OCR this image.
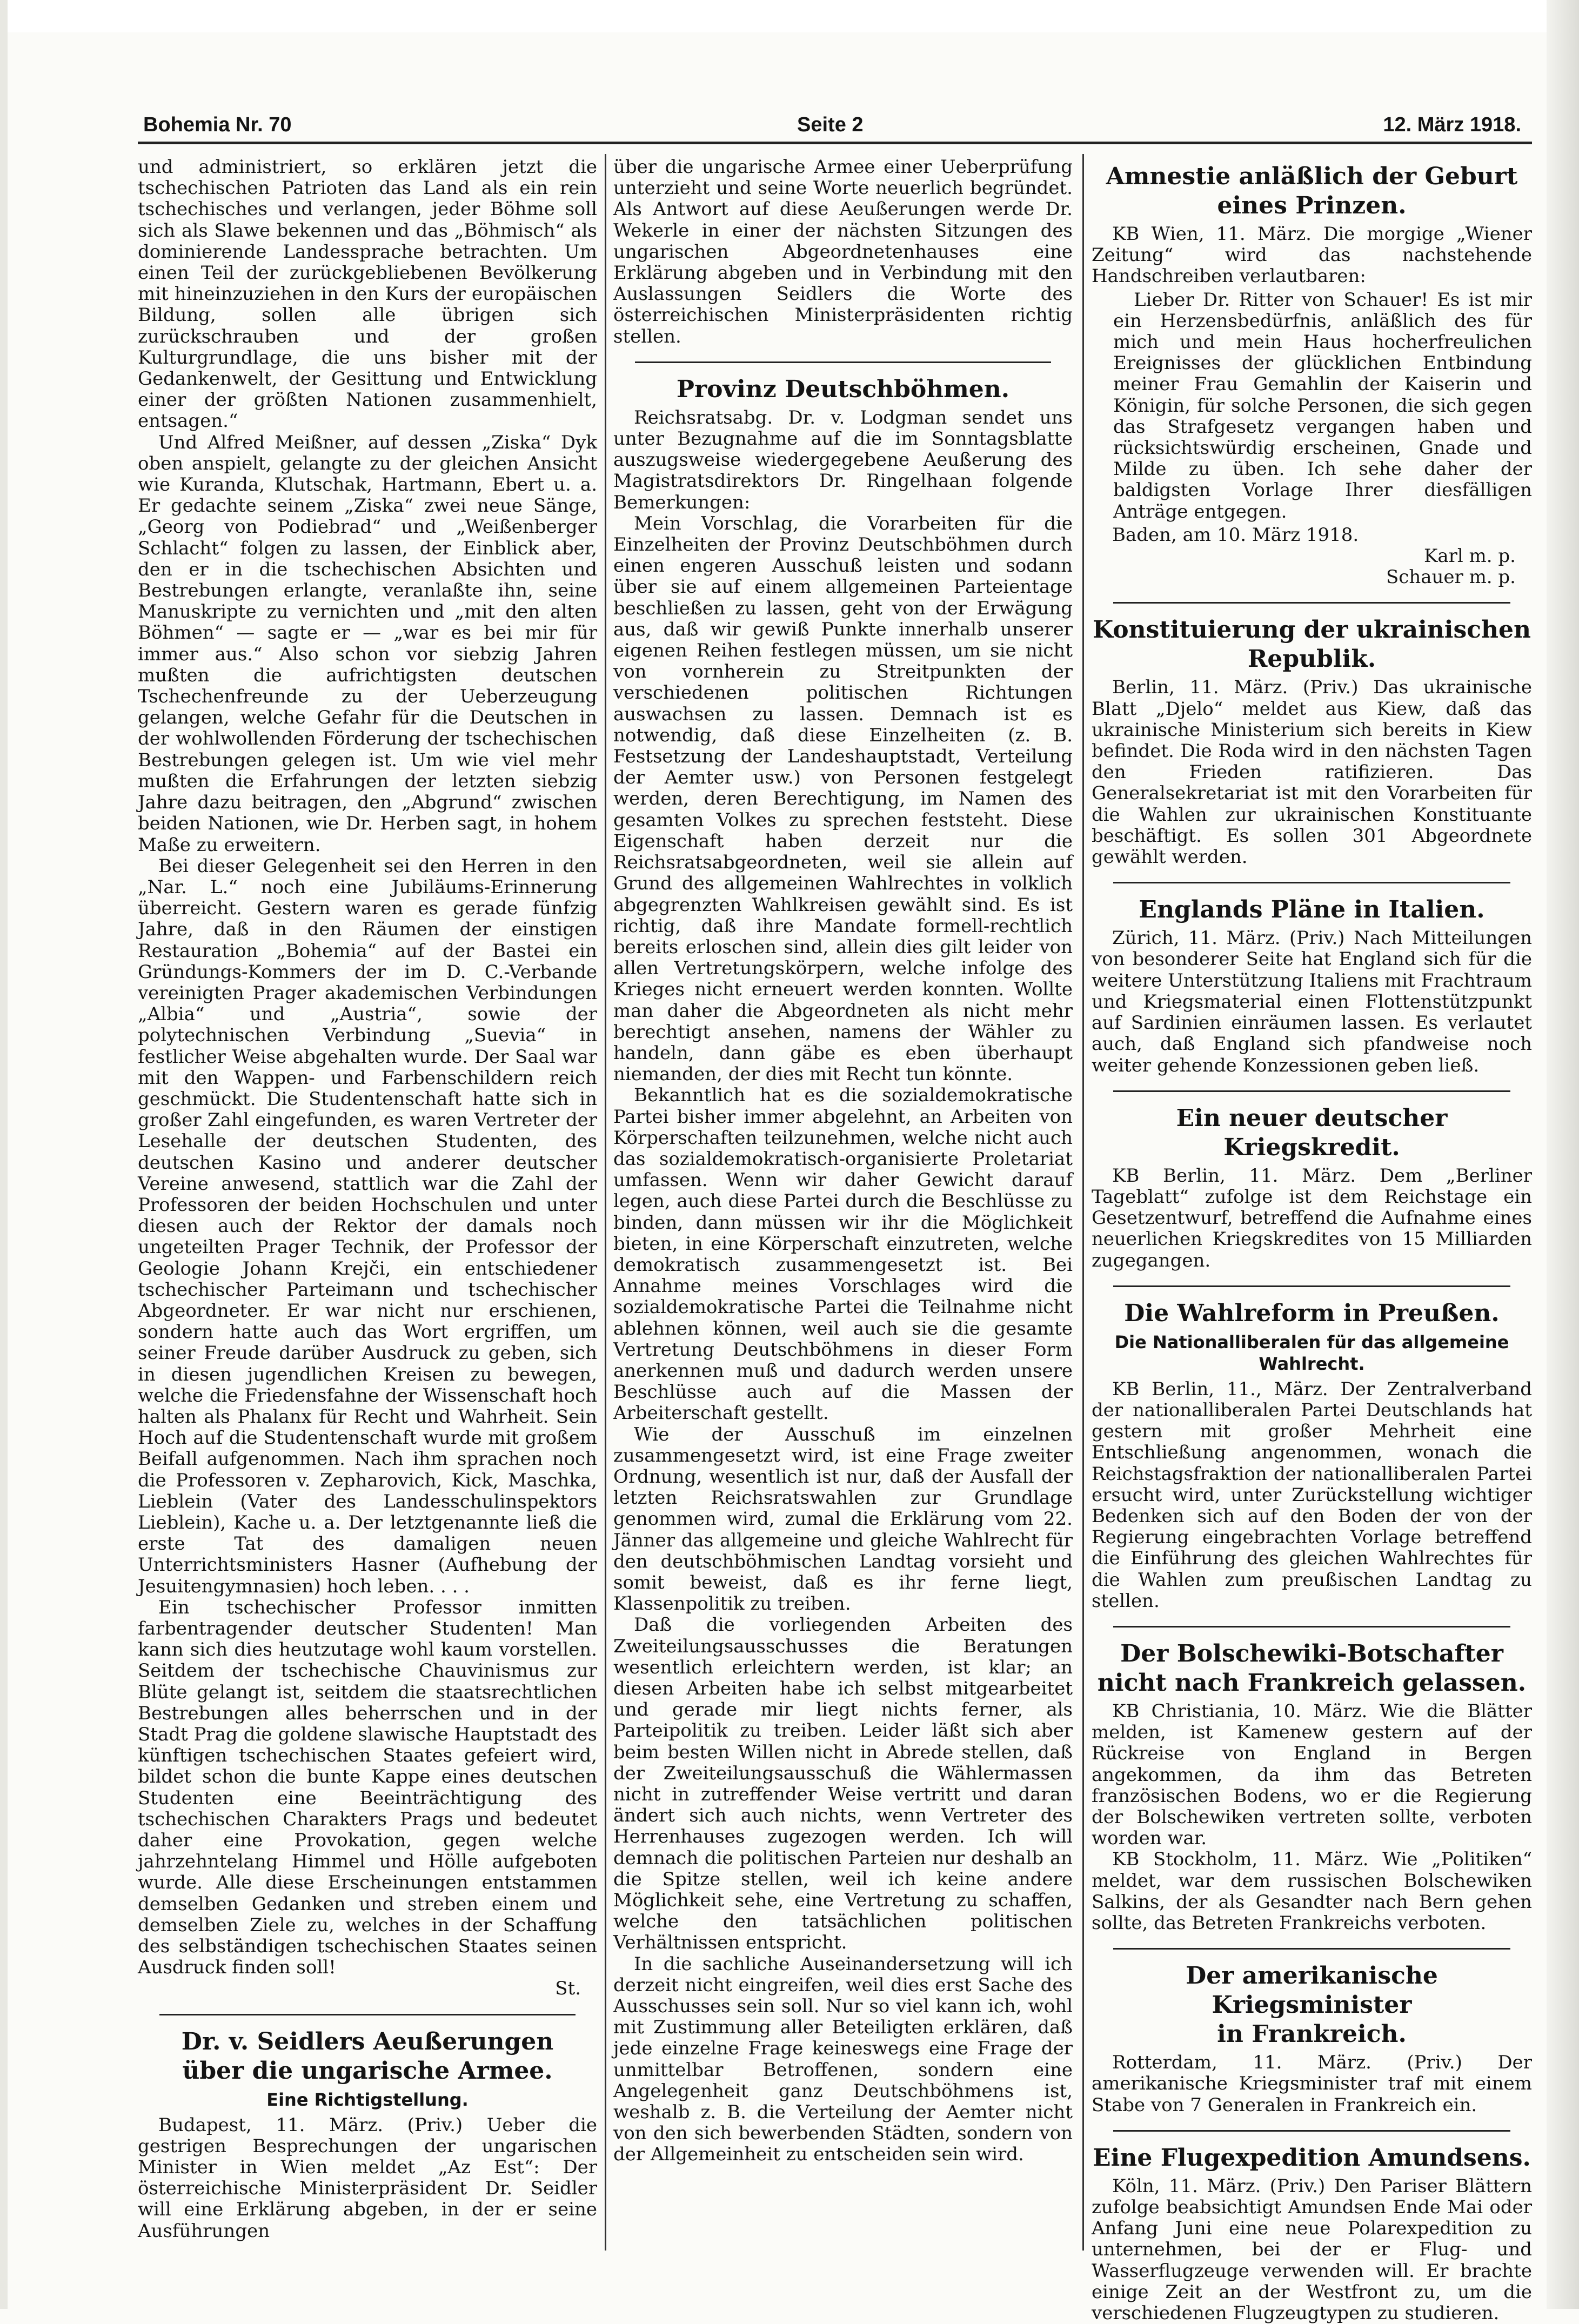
Bohemia Nr. 70	Seite 2	12. März 1918.

und administriert, so erklären jetzt die tschechischen Patrioten das Land als ein rein tschechisches und verlangen, jeder Böhme soll sich als Slawe bekennen und das „Böhmisch“ als dominierende Landessprache betrachten. Um einen Teil der zurückgebliebenen Bevölkerung mit hineinzuziehen in den Kurs der europäischen Bildung, sollen alle übrigen sich zurückschrauben und der großen Kulturgrundlage, die uns bisher mit der Gedankenwelt, der Gesittung und Entwicklung einer der größten Nationen zusammenhielt, entsagen.“

Und Alfred Meißner, auf dessen „Ziska“ Dyk oben anspielt, gelangte zu der gleichen Ansicht wie Kuranda, Klutschak, Hartmann, Ebert u. a. Er gedachte seinem „Ziska“ zwei neue Sänge, „Georg von Podiebrad“ und „Weißenberger Schlacht“ folgen zu lassen, der Einblick aber, den er in die tschechischen Absichten und Bestrebungen erlangte, veranlaßte ihn, seine Manuskripte zu vernichten und „mit den alten Böhmen“ — sagte er — „war es bei mir für immer aus.“ Also schon vor siebzig Jahren mußten die aufrichtigsten deutschen Tschechenfreunde zu der Ueberzeugung gelangen, welche Gefahr für die Deutschen in der wohlwollenden Förderung der tschechischen Bestrebungen gelegen ist. Um wie viel mehr mußten die Erfahrungen der letzten siebzig Jahre dazu beitragen, den „Abgrund“ zwischen beiden Nationen, wie Dr. Herben sagt, in hohem Maße zu erweitern.

Bei dieser Gelegenheit sei den Herren in den „Nar. L.“ noch eine Jubiläums-Erinnerung überreicht. Gestern waren es gerade fünfzig Jahre, daß in den Räumen der einstigen Restauration „Bohemia“ auf der Bastei ein Gründungs-Kommers der im D. C.-Verbande vereinigten Prager akademischen Verbindungen „Albia“ und „Austria“, sowie der polytechnischen Verbindung „Suevia“ in festlicher Weise abgehalten wurde. Der Saal war mit den Wappen- und Farbenschildern reich geschmückt. Die Studentenschaft hatte sich in großer Zahl eingefunden, es waren Vertreter der Lesehalle der deutschen Studenten, des deutschen Kasino und anderer deutscher Vereine anwesend, stattlich war die Zahl der Professoren der beiden Hochschulen und unter diesen auch der Rektor der damals noch ungeteilten Prager Technik, der Professor der Geologie Johann Krejči, ein entschiedener tschechischer Parteimann und tschechischer Abgeordneter. Er war nicht nur erschienen, sondern hatte auch das Wort ergriffen, um seiner Freude darüber Ausdruck zu geben, sich in diesen jugendlichen Kreisen zu bewegen, welche die Friedensfahne der Wissenschaft hoch halten als Phalanx für Recht und Wahrheit. Sein Hoch auf die Studentenschaft wurde mit großem Beifall aufgenommen. Nach ihm sprachen noch die Professoren v. Zepharovich, Kick, Maschka, Lieblein (Vater des Landesschulinspektors Lieblein), Kache u. a. Der letztgenannte ließ die erste Tat des damaligen neuen Unterrichtsministers Hasner (Aufhebung der Jesuitengymnasien) hoch leben. . . .

Ein tschechischer Professor inmitten farbentragender deutscher Studenten! Man kann sich dies heutzutage wohl kaum vorstellen. Seitdem der tschechische Chauvinismus zur Blüte gelangt ist, seitdem die staatsrechtlichen Bestrebungen alles beherrschen und in der Stadt Prag die goldene slawische Hauptstadt des künftigen tschechischen Staates gefeiert wird, bildet schon die bunte Kappe eines deutschen Studenten eine Beeinträchtigung des tschechischen Charakters Prags und bedeutet daher eine Provokation, gegen welche jahrzehntelang Himmel und Hölle aufgeboten wurde. Alle diese Erscheinungen entstammen demselben Gedanken und streben einem und demselben Ziele zu, welches in der Schaffung des selbständigen tschechischen Staates seinen Ausdruck finden soll!

St.
Dr. v. Seidlers Aeußerungen
über die ungarische Armee.
Eine Richtigstellung.

Budapest, 11. März. (Priv.) Ueber die gestrigen Besprechungen der ungarischen Minister in Wien meldet „Az Est“: Der österreichische Ministerpräsident Dr. Seidler will eine Erklärung abgeben, in der er seine Ausführungen

über die ungarische Armee einer Ueberprüfung unterzieht und seine Worte neuerlich begründet. Als Antwort auf diese Aeußerungen werde Dr. Wekerle in einer der nächsten Sitzungen des ungarischen Abgeordnetenhauses eine Erklärung abgeben und in Verbindung mit den Auslassungen Seidlers die Worte des österreichischen Ministerpräsidenten richtig stellen.

Provinz Deutschböhmen.

Reichsratsabg. Dr. v. Lodgman sendet uns unter Bezugnahme auf die im Sonntagsblatte auszugsweise wiedergegebene Aeußerung des Magistratsdirektors Dr. Ringelhaan folgende Bemerkungen:

Mein Vorschlag, die Vorarbeiten für die Einzelheiten der Provinz Deutschböhmen durch einen engeren Ausschuß leisten und sodann über sie auf einem allgemeinen Parteientage beschließen zu lassen, geht von der Erwägung aus, daß wir gewiß Punkte innerhalb unserer eigenen Reihen festlegen müssen, um sie nicht von vornherein zu Streitpunkten der verschiedenen politischen Richtungen auswachsen zu lassen. Demnach ist es notwendig, daß diese Einzelheiten (z. B. Festsetzung der Landeshauptstadt, Verteilung der Aemter usw.) von Personen festgelegt werden, deren Berechtigung, im Namen des gesamten Volkes zu sprechen feststeht. Diese Eigenschaft haben derzeit nur die Reichsratsabgeordneten, weil sie allein auf Grund des allgemeinen Wahlrechtes in volklich abgegrenzten Wahlkreisen gewählt sind. Es ist richtig, daß ihre Mandate formell-rechtlich bereits erloschen sind, allein dies gilt leider von allen Vertretungskörpern, welche infolge des Krieges nicht erneuert werden konnten. Wollte man daher die Abgeordneten als nicht mehr berechtigt ansehen, namens der Wähler zu handeln, dann gäbe es eben überhaupt niemanden, der dies mit Recht tun könnte.

Bekanntlich hat es die sozialdemokratische Partei bisher immer abgelehnt, an Arbeiten von Körperschaften teilzunehmen, welche nicht auch das sozialdemokratisch-organisierte Proletariat umfassen. Wenn wir daher Gewicht darauf legen, auch diese Partei durch die Beschlüsse zu binden, dann müssen wir ihr die Möglichkeit bieten, in eine Körperschaft einzutreten, welche demokratisch zusammengesetzt ist. Bei Annahme meines Vorschlages wird die sozialdemokratische Partei die Teilnahme nicht ablehnen können, weil auch sie die gesamte Vertretung Deutschböhmens in dieser Form anerkennen muß und dadurch werden unsere Beschlüsse auch auf die Massen der Arbeiterschaft gestellt.

Wie der Ausschuß im einzelnen zusammengesetzt wird, ist eine Frage zweiter Ordnung, wesentlich ist nur, daß der Ausfall der letzten Reichsratswahlen zur Grundlage genommen wird, zumal die Erklärung vom 22. Jänner das allgemeine und gleiche Wahlrecht für den deutschböhmischen Landtag vorsieht und somit beweist, daß es ihr ferne liegt, Klassenpolitik zu treiben.

Daß die vorliegenden Arbeiten des Zweiteilungsausschusses die Beratungen wesentlich erleichtern werden, ist klar; an diesen Arbeiten habe ich selbst mitgearbeitet und gerade mir liegt nichts ferner, als Parteipolitik zu treiben. Leider läßt sich aber beim besten Willen nicht in Abrede stellen, daß der Zweiteilungsausschuß die Wählermassen nicht in zutreffender Weise vertritt und daran ändert sich auch nichts, wenn Vertreter des Herrenhauses zugezogen werden. Ich will demnach die politischen Parteien nur deshalb an die Spitze stellen, weil ich keine andere Möglichkeit sehe, eine Vertretung zu schaffen, welche den tatsächlichen politischen Verhältnissen entspricht.

In die sachliche Auseinandersetzung will ich derzeit nicht eingreifen, weil dies erst Sache des Ausschusses sein soll. Nur so viel kann ich, wohl mit Zustimmung aller Beteiligten erklären, daß jede einzelne Frage keineswegs eine Frage der unmittelbar Betroffenen, sondern eine Angelegenheit ganz Deutschböhmens ist, weshalb z. B. die Verteilung der Aemter nicht von den sich bewerbenden Städten, sondern von der Allgemeinheit zu entscheiden sein wird.

Amnestie anläßlich der Geburt eines Prinzen.

KB Wien, 11. März. Die morgige „Wiener Zeitung“ wird das nachstehende Handschreiben verlautbaren:

Lieber Dr. Ritter von Schauer! Es ist mir ein Herzensbedürfnis, anläßlich des für mich und mein Haus hocherfreulichen Ereignisses der glücklichen Entbindung meiner Frau Gemahlin der Kaiserin und Königin, für solche Personen, die sich gegen das Strafgesetz vergangen haben und rücksichtswürdig erscheinen, Gnade und Milde zu üben. Ich sehe daher der baldigsten Vorlage Ihrer diesfälligen Anträge entgegen.

Baden, am 10. März 1918.

Karl m. p.
Schauer m. p.
Konstituierung der ukrainischen Republik.

Berlin, 11. März. (Priv.) Das ukrainische Blatt „Djelo“ meldet aus Kiew, daß das ukrainische Ministerium sich bereits in Kiew befindet. Die Roda wird in den nächsten Tagen den Frieden ratifizieren. Das Generalsekretariat ist mit den Vorarbeiten für die Wahlen zur ukrainischen Konstituante beschäftigt. Es sollen 301 Abgeordnete gewählt werden.

Englands Pläne in Italien.

Zürich, 11. März. (Priv.) Nach Mitteilungen von besonderer Seite hat England sich für die weitere Unterstützung Italiens mit Frachtraum und Kriegsmaterial einen Flottenstützpunkt auf Sardinien einräumen lassen. Es verlautet auch, daß England sich pfandweise noch weiter gehende Konzessionen geben ließ.

Ein neuer deutscher Kriegskredit.

KB Berlin, 11. März. Dem „Berliner Tageblatt“ zufolge ist dem Reichstage ein Gesetzentwurf, betreffend die Aufnahme eines neuerlichen Kriegskredites von 15 Milliarden zugegangen.

Die Wahlreform in Preußen.
Die Nationalliberalen für das allgemeine Wahlrecht.

KB Berlin, 11., März. Der Zentralverband der nationalliberalen Partei Deutschlands hat gestern mit großer Mehrheit eine Entschließung angenommen, wonach die Reichstagsfraktion der nationalliberalen Partei ersucht wird, unter Zurückstellung wichtiger Bedenken sich auf den Boden der von der Regierung eingebrachten Vorlage betreffend die Einführung des gleichen Wahlrechtes für die Wahlen zum preußischen Landtag zu stellen.

Der Bolschewiki-Botschafter
nicht nach Frankreich gelassen.

KB Christiania, 10. März. Wie die Blätter melden, ist Kamenew gestern auf der Rückreise von England in Bergen angekommen, da ihm das Betreten französischen Bodens, wo er die Regierung der Bolschewiken vertreten sollte, verboten worden war.

KB Stockholm, 11. März. Wie „Politiken“ meldet, war dem russischen Bolschewiken Salkins, der als Gesandter nach Bern gehen sollte, das Betreten Frankreichs verboten.

Der amerikanische Kriegsminister
in Frankreich.

Rotterdam, 11. März. (Priv.) Der amerikanische Kriegsminister traf mit einem Stabe von 7 Generalen in Frankreich ein.

Eine Flugexpedition Amundsens.

Köln, 11. März. (Priv.) Den Pariser Blättern zufolge beabsichtigt Amundsen Ende Mai oder Anfang Juni eine neue Polarexpedition zu unternehmen, bei der er Flug- und Wasserflugzeuge verwenden will. Er brachte einige Zeit an der Westfront zu, um die verschiedenen Flugzeugtypen zu studieren.
